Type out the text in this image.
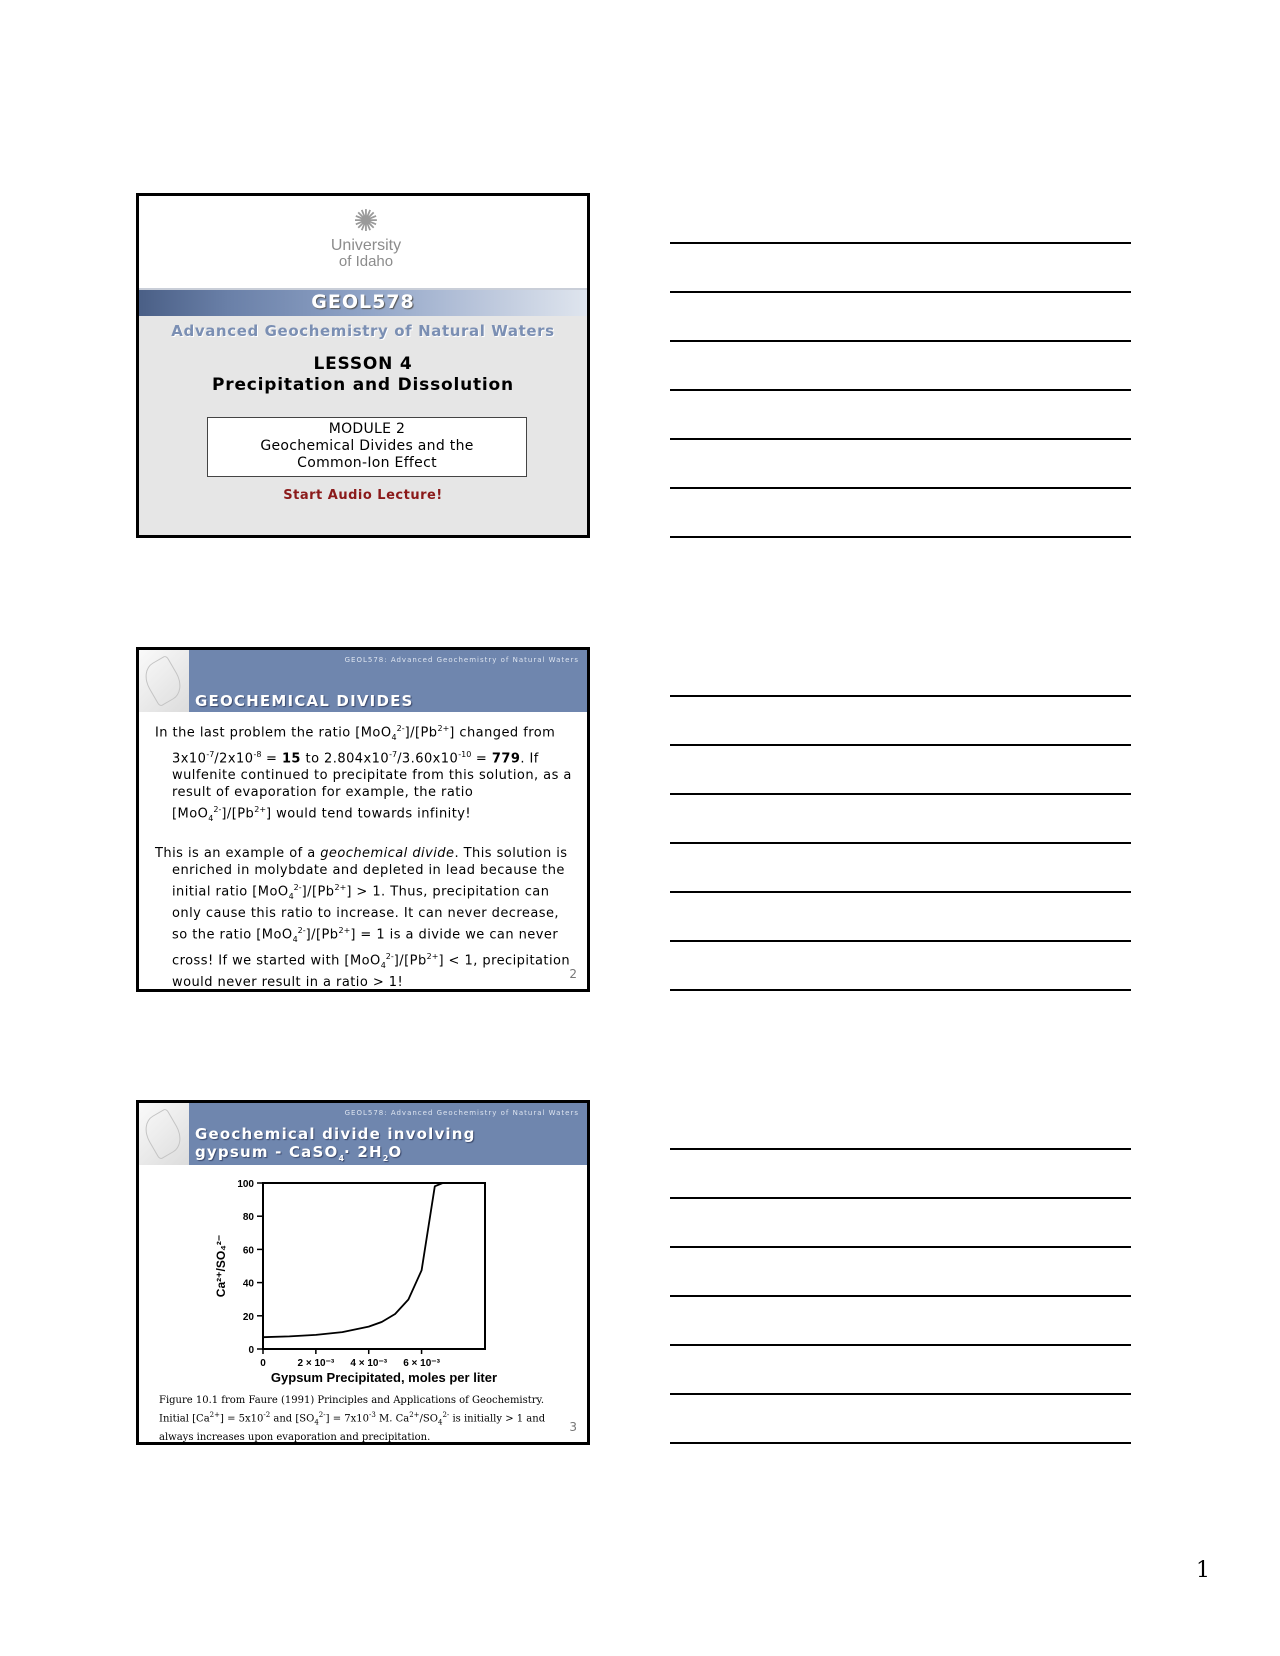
✺
University
of Idaho
GEOL578
Advanced Geochemistry of Natural Waters
LESSON 4
Precipitation and Dissolution
MODULE 2
Geochemical Divides and the
Common-Ion Effect
Start Audio Lecture!
GEOL578: Advanced Geochemistry of Natural Waters
GEOCHEMICAL DIVIDES

In the last problem the ratio $[MoO_4^{2-}]/[Pb^{2+}]$ changed from $3x10^{-7}/2x10^{-8} = 15$ to $2.804x10^{-7}/3.60x10^{-10} = 779$. If wulfenite continued to precipitate from this solution, as a result of evaporation for example, the ratio $[MoO_4^{2-}]/[Pb^{2+}]$ would tend towards infinity!

This is an example of a geochemical divide. This solution is enriched in molybdate and depleted in lead because the initial ratio $[MoO_4^{2-}]/[Pb^{2+}] > 1$. Thus, precipitation can only cause this ratio to increase. It can never decrease, so the ratio $[MoO_4^{2-}]/[Pb^{2+}] = 1$ is a divide we can never cross! If we started with $[MoO_4^{2-}]/[Pb^{2+}] < 1$, precipitation would never result in a ratio > 1!

2
GEOL578: Advanced Geochemistry of Natural Waters
Geochemical divide involving
gypsum - CaSO$_4$· $2H_2O$
0
20
40
60
80
100
0	2 × 10⁻³ 4 × 10⁻³ 6 × 10⁻³
Gypsum Precipitated, moles per liter
Ca²⁺/SO₄²⁻
Figure 10.1 from Faure (1991) Principles and Applications of Geochemistry. Initial $[Ca^{2+}] = 5x10^{-2}$ and $[SO_4^{2-}] = 7x10^{-3}$ M. $Ca^{2+}/SO_4^{2-}$ is initially > 1 and always increases upon evaporation and precipitation.
3
1
